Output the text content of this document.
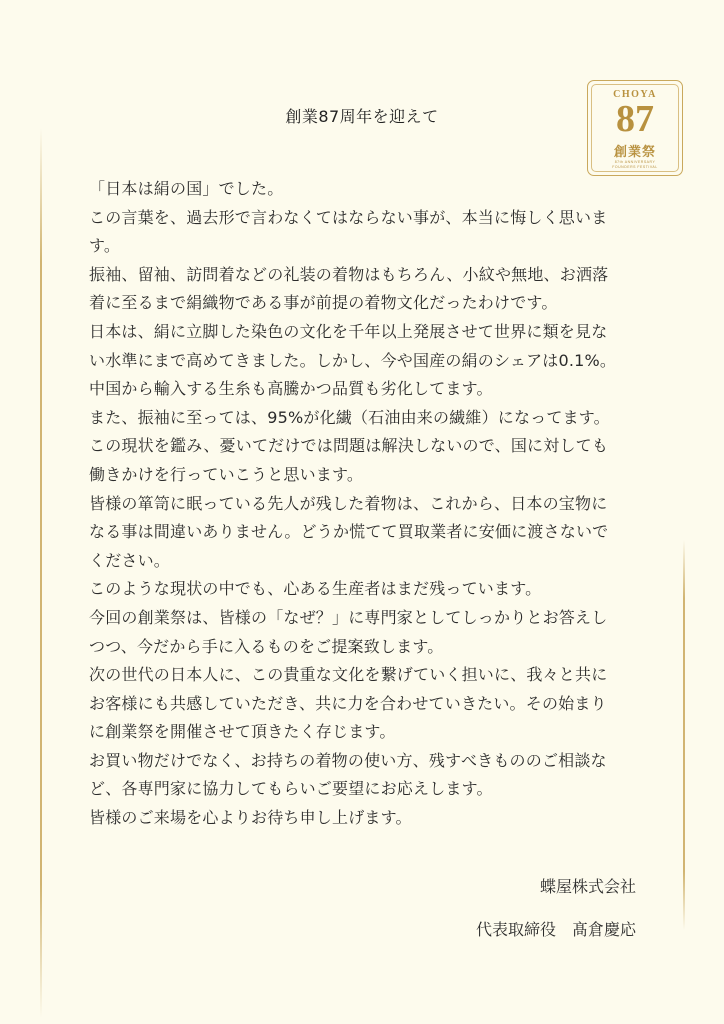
創業87周年を迎えて
CHOYA
87
創業祭
87th ANNIVERSARY
FOUNDERS FESTIVAL
「日本は絹の国」でした。
この言葉を、過去形で言わなくてはならない事が、本当に悔しく思いま
す。
振袖、留袖、訪問着などの礼装の着物はもちろん、小紋や無地、お洒落
着に至るまで絹織物である事が前提の着物文化だったわけです。
日本は、絹に立脚した染色の文化を千年以上発展させて世界に類を見な
い水準にまで高めてきました。しかし、今や国産の絹のシェアは0.1%。
中国から輸入する生糸も高騰かつ品質も劣化してます。
また、振袖に至っては、95%が化繊（石油由来の繊維）になってます。
この現状を鑑み、憂いてだけでは問題は解決しないので、国に対しても
働きかけを行っていこうと思います。
皆様の箪笥に眠っている先人が残した着物は、これから、日本の宝物に
なる事は間違いありません。どうか慌てて買取業者に安価に渡さないで
ください。
このような現状の中でも、心ある生産者はまだ残っています。
今回の創業祭は、皆様の「なぜ？」に専門家としてしっかりとお答えし
つつ、今だから手に入るものをご提案致します。
次の世代の日本人に、この貴重な文化を繋げていく担いに、我々と共に
お客様にも共感していただき、共に力を合わせていきたい。その始まり
に創業祭を開催させて頂きたく存じます。
お買い物だけでなく、お持ちの着物の使い方、残すべきもののご相談な
ど、各専門家に協力してもらいご要望にお応えします。
皆様のご来場を心よりお待ち申し上げます。
蝶屋株式会社
代表取締役　髙倉慶応
